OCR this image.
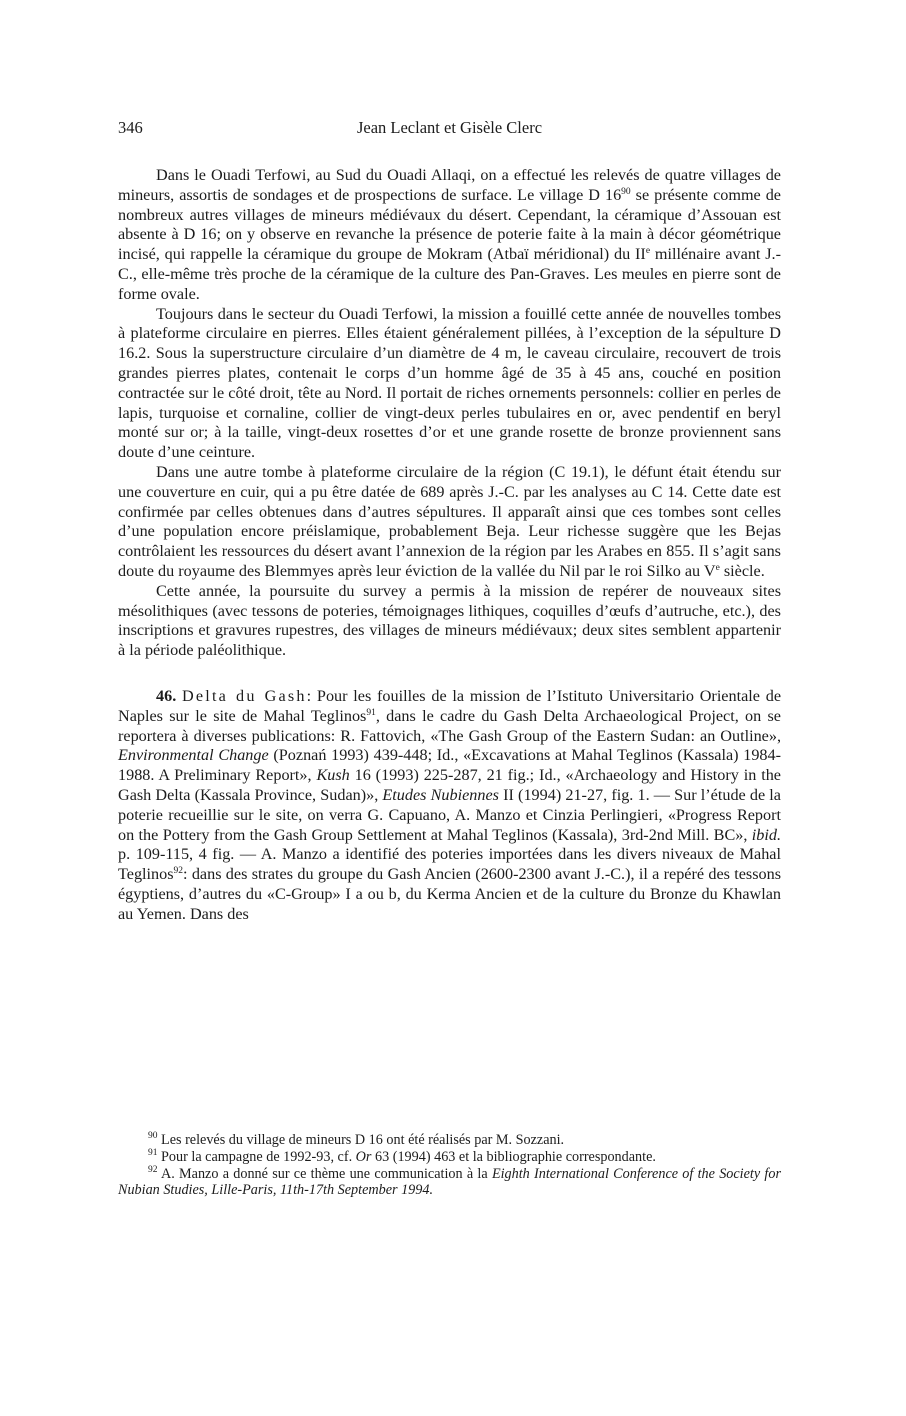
346	Jean Leclant et Gisèle Clerc

Dans le Ouadi Terfowi, au Sud du Ouadi Allaqi, on a effectué les relevés de quatre villages de mineurs, assortis de sondages et de prospections de surface. Le village D $16^{90}$ se présente comme de nombreux autres villages de mineurs médiévaux du désert. Cependant, la céramique d’Assouan est absente à D 16; on y observe en revanche la présence de poterie faite à la main à décor géométrique incisé, qui rappelle la céramique du groupe de Mokram (Atbaï méridional) du IIe millénaire avant J.-C., elle-même très proche de la céramique de la culture des Pan-Graves. Les meules en pierre sont de forme ovale.

Toujours dans le secteur du Ouadi Terfowi, la mission a fouillé cette année de nouvelles tombes à plateforme circulaire en pierres. Elles étaient généralement pillées, à l’exception de la sépulture D 16.2. Sous la superstructure circulaire d’un diamètre de 4 m, le caveau circulaire, recouvert de trois grandes pierres plates, contenait le corps d’un homme âgé de 35 à 45 ans, couché en position contractée sur le côté droit, tête au Nord. Il portait de riches ornements personnels: collier en perles de lapis, turquoise et cornaline, collier de vingt-deux perles tubulaires en or, avec pendentif en beryl monté sur or; à la taille, vingt-deux rosettes d’or et une grande rosette de bronze proviennent sans doute d’une ceinture.

Dans une autre tombe à plateforme circulaire de la région (C 19.1), le défunt était étendu sur une couverture en cuir, qui a pu être datée de 689 après J.-C. par les analyses au C 14. Cette date est confirmée par celles obtenues dans d’autres sépultures. Il apparaît ainsi que ces tombes sont celles d’une population encore préislamique, probablement Beja. Leur richesse suggère que les Bejas contrôlaient les ressources du désert avant l’annexion de la région par les Arabes en 855. Il s’agit sans doute du royaume des Blemmyes après leur éviction de la vallée du Nil par le roi Silko au Ve siècle.

Cette année, la poursuite du survey a permis à la mission de repérer de nouveaux sites mésolithiques (avec tessons de poteries, témoignages lithiques, coquilles d’œufs d’autruche, etc.), des inscriptions et gravures rupestres, des villages de mineurs médiévaux; deux sites semblent appartenir à la période paléolithique.

46. Delta du Gash: Pour les fouilles de la mission de l’Istituto Universitario Orientale de Naples sur le site de Mahal Teglinos$^{91}$, dans le cadre du Gash Delta Archaeological Project, on se reportera à diverses publications: R. Fattovich, «The Gash Group of the Eastern Sudan: an Outline», Environmental Change (Poznań 1993) 439-448; Id., «Excavations at Mahal Teglinos (Kassala) 1984-1988. A Preliminary Report», Kush 16 (1993) 225-287, 21 fig.; Id., «Archaeology and History in the Gash Delta (Kassala Province, Sudan)», Etudes Nubiennes II (1994) 21-27, fig. 1. — Sur l’étude de la poterie recueillie sur le site, on verra G. Capuano, A. Manzo et Cinzia Perlingieri, «Progress Report on the Pottery from the Gash Group Settlement at Mahal Teglinos (Kassala), 3rd-2nd Mill. BC», ibid. p. 109-115, 4 fig. — A. Manzo a identifié des poteries importées dans les divers niveaux de Mahal Teglinos$^{92}$: dans des strates du groupe du Gash Ancien (2600-2300 avant J.-C.), il a repéré des tessons égyptiens, d’autres du «C-Group» I a ou b, du Kerma Ancien et de la culture du Bronze du Khawlan au Yemen. Dans des

$^{90}$ Les relevés du village de mineurs D 16 ont été réalisés par M. Sozzani.

$^{91}$ Pour la campagne de 1992-93, cf. Or 63 (1994) 463 et la bibliographie correspondante.

$^{92}$ A. Manzo a donné sur ce thème une communication à la Eighth International Conference of the Society for Nubian Studies, Lille-Paris, 11th-17th September 1994.
